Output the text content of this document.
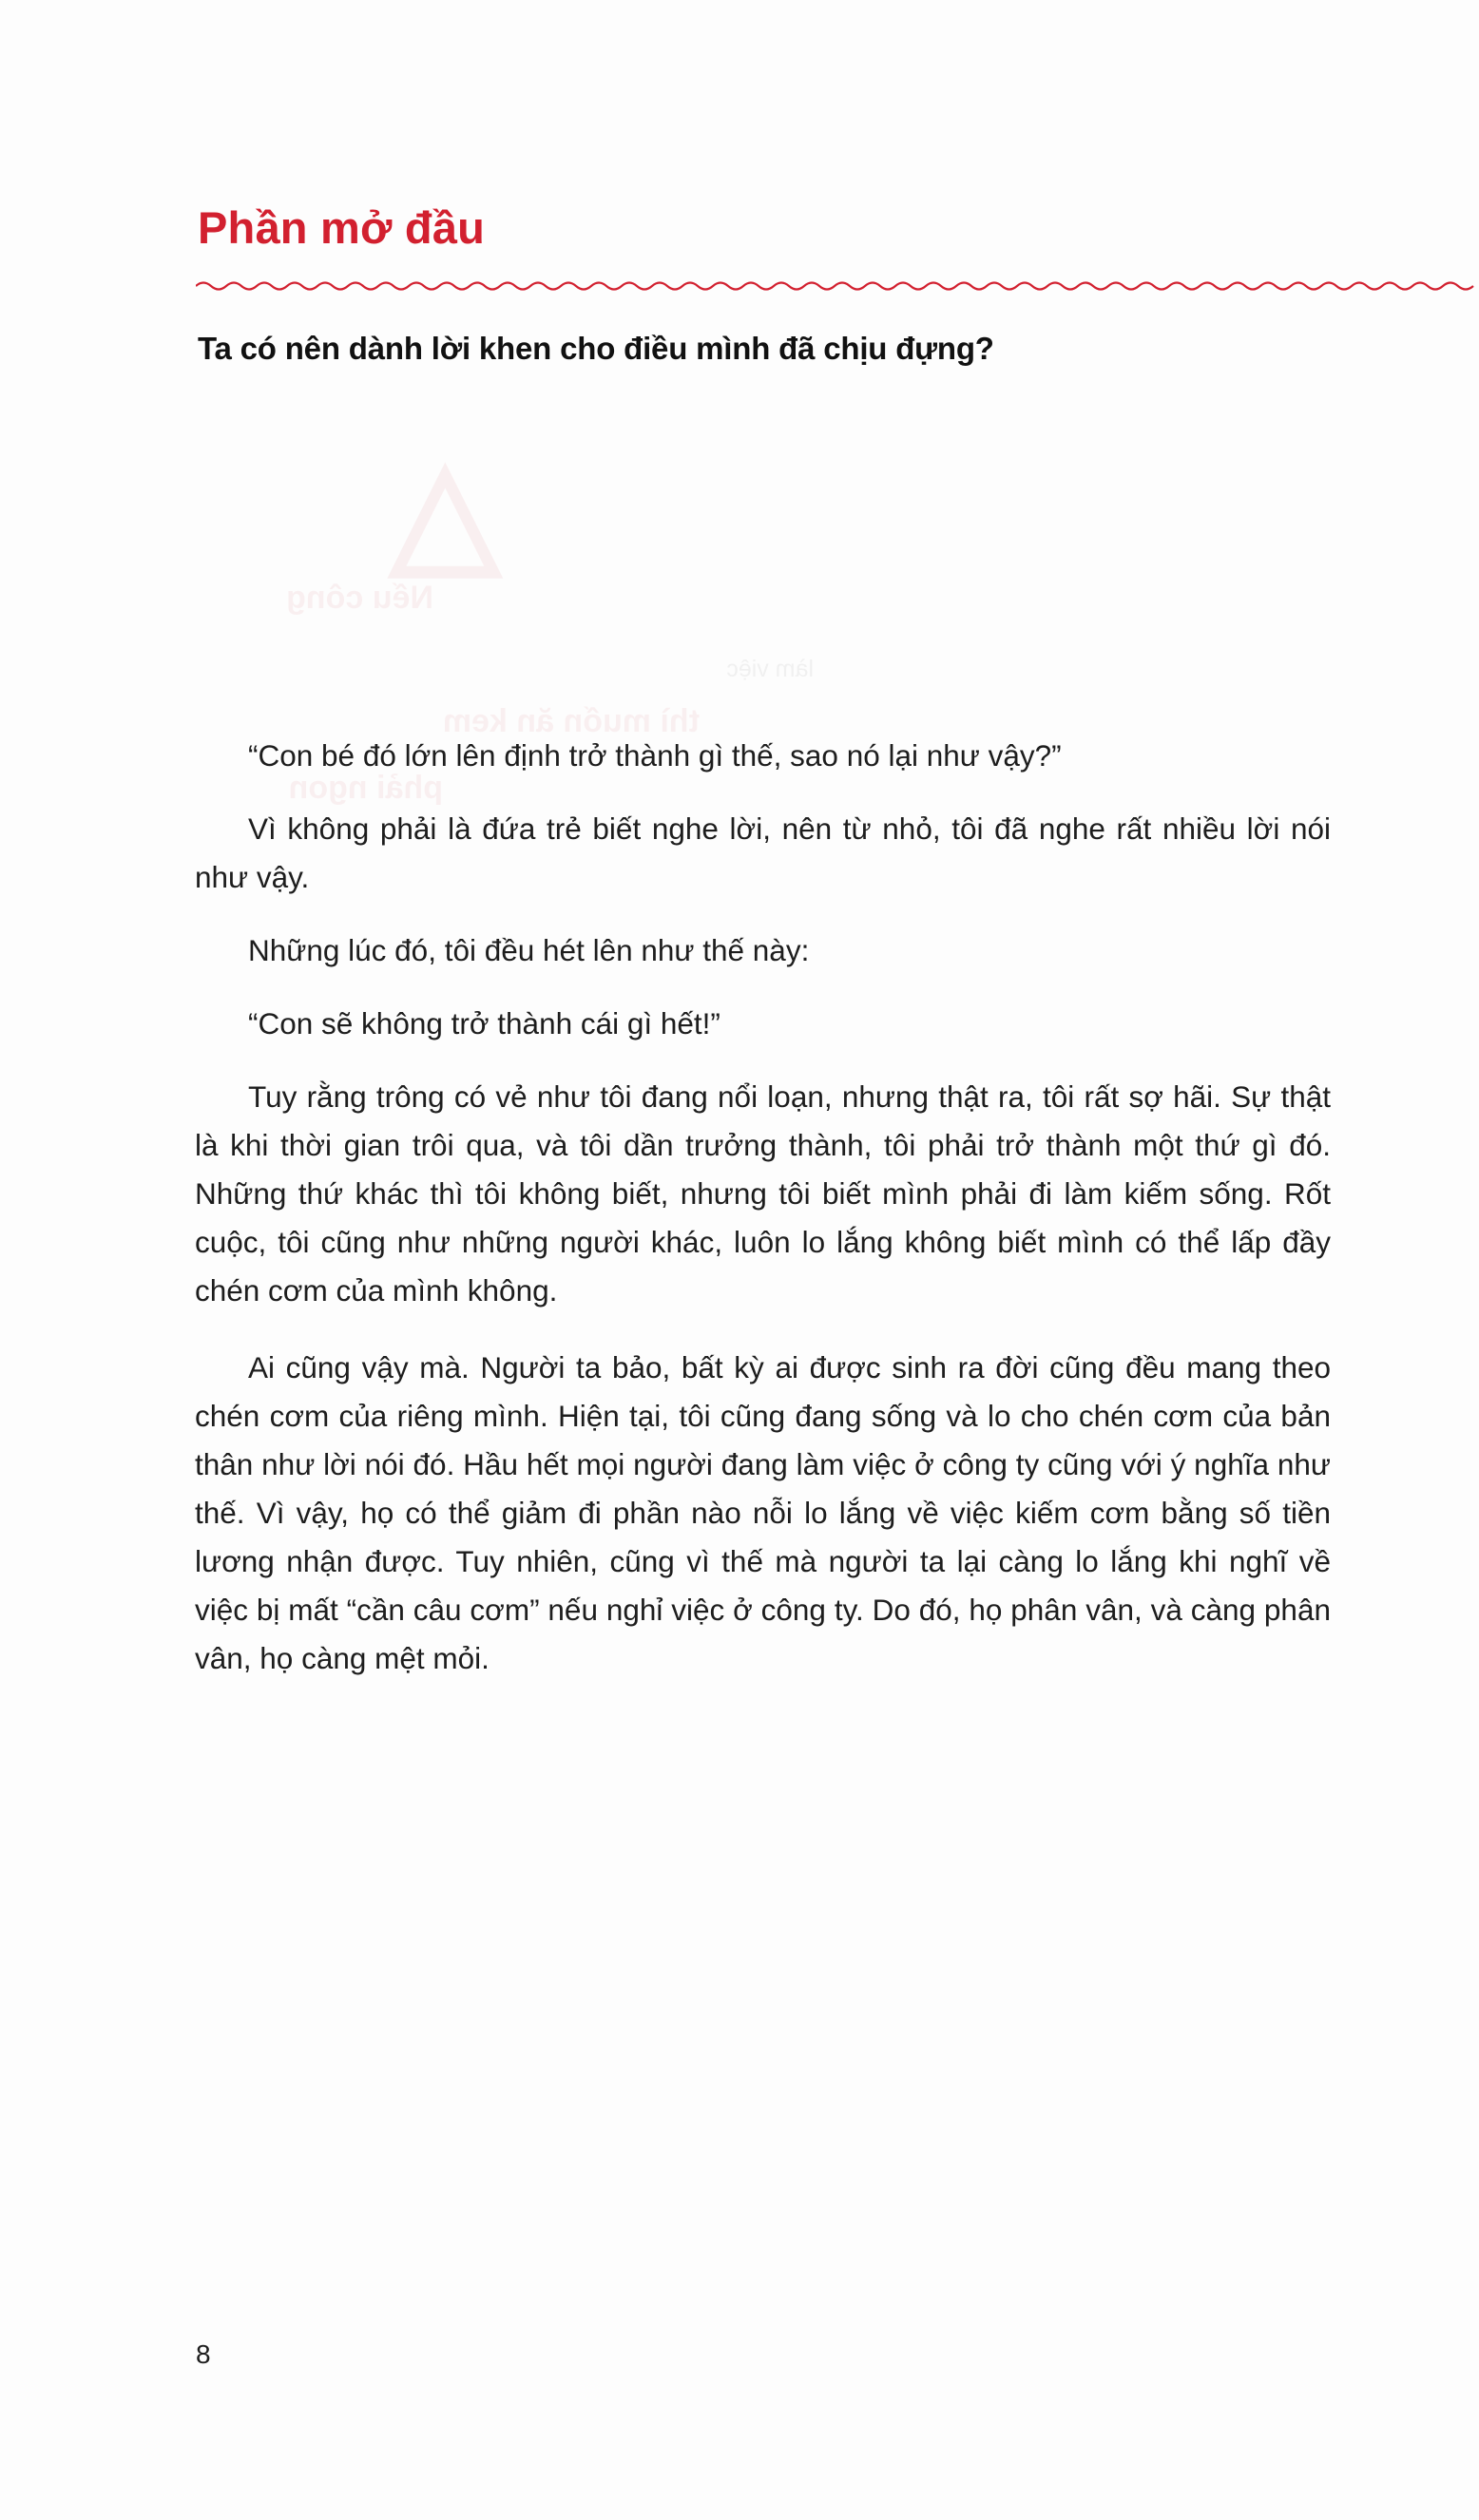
△
Nếu công
thì muốn ăn kem
phải ngon
làm việc
Phần mở đầu
Ta có nên dành lời khen cho điều mình đã chịu đựng?

“Con bé đó lớn lên định trở thành gì thế, sao nó lại như vậy?”

Vì không phải là đứa trẻ biết nghe lời, nên từ nhỏ, tôi đã nghe rất nhiều lời nói như vậy.

Những lúc đó, tôi đều hét lên như thế này:

“Con sẽ không trở thành cái gì hết!”

Tuy rằng trông có vẻ như tôi đang nổi loạn, nhưng thật ra, tôi rất sợ hãi. Sự thật là khi thời gian trôi qua, và tôi dần trưởng thành, tôi phải trở thành một thứ gì đó. Những thứ khác thì tôi không biết, nhưng tôi biết mình phải đi làm kiếm sống. Rốt cuộc, tôi cũng như những người khác, luôn lo lắng không biết mình có thể lấp đầy chén cơm của mình không.

Ai cũng vậy mà. Người ta bảo, bất kỳ ai được sinh ra đời cũng đều mang theo chén cơm của riêng mình. Hiện tại, tôi cũng đang sống và lo cho chén cơm của bản thân như lời nói đó. Hầu hết mọi người đang làm việc ở công ty cũng với ý nghĩa như thế. Vì vậy, họ có thể giảm đi phần nào nỗi lo lắng về việc kiếm cơm bằng số tiền lương nhận được. Tuy nhiên, cũng vì thế mà người ta lại càng lo lắng khi nghĩ về việc bị mất “cần câu cơm” nếu nghỉ việc ở công ty. Do đó, họ phân vân, và càng phân vân, họ càng mệt mỏi.

8
